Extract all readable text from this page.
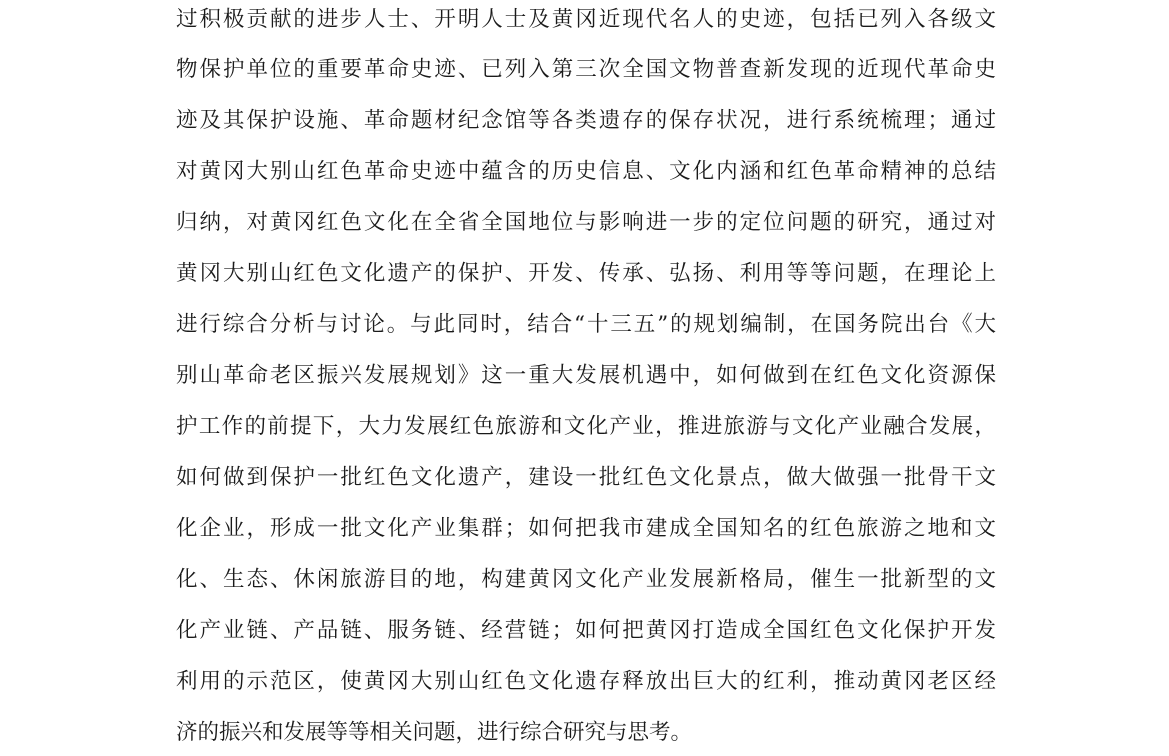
过积极贡献的进步人士、开明人士及黄冈近现代名人的史迹，包括已列入各级文
物保护单位的重要革命史迹、已列入第三次全国文物普查新发现的近现代革命史
迹及其保护设施、革命题材纪念馆等各类遗存的保存状况，进行系统梳理；通过
对黄冈大别山红色革命史迹中蕴含的历史信息、文化内涵和红色革命精神的总结
归纳，对黄冈红色文化在全省全国地位与影响进一步的定位问题的研究，通过对
黄冈大别山红色文化遗产的保护、开发、传承、弘扬、利用等等问题，在理论上
进行综合分析与讨论。与此同时，结合“十三五”的规划编制，在国务院出台《大
别山革命老区振兴发展规划》这一重大发展机遇中，如何做到在红色文化资源保
护工作的前提下，大力发展红色旅游和文化产业，推进旅游与文化产业融合发展，
如何做到保护一批红色文化遗产，建设一批红色文化景点，做大做强一批骨干文
化企业，形成一批文化产业集群；如何把我市建成全国知名的红色旅游之地和文
化、生态、休闲旅游目的地，构建黄冈文化产业发展新格局，催生一批新型的文
化产业链、产品链、服务链、经营链；如何把黄冈打造成全国红色文化保护开发
利用的示范区，使黄冈大别山红色文化遗存释放出巨大的红利，推动黄冈老区经
济的振兴和发展等等相关问题，进行综合研究与思考。
